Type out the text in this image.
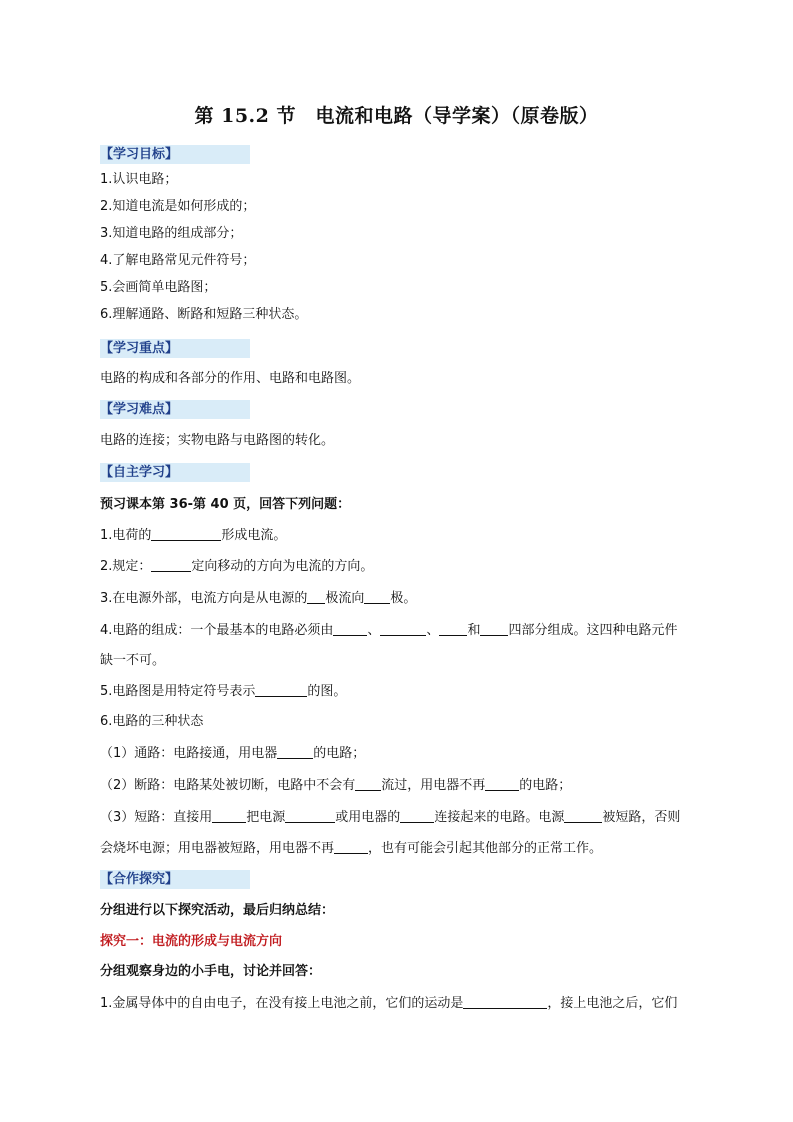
第 15.2 节　电流和电路（导学案）（原卷版）
【学习目标】
1.认识电路；
2.知道电流是如何形成的；
3.知道电路的组成部分；
4.了解电路常见元件符号；
5.会画简单电路图；
6.理解通路、断路和短路三种状态。
【学习重点】
电路的构成和各部分的作用、电路和电路图。
【学习难点】
电路的连接；实物电路与电路图的转化。
【自主学习】
预习课本第 36-第 40 页，回答下列问题：
1.电荷的	形成电流。
2.规定：	定向移动的方向为电流的方向。
3.在电源外部，电流方向是从电源的 极流向 极。
4.电路的组成：一个最基本的电路必须由	、	、 和 四部分组成。这四种电路元件
缺一不可。
5.电路图是用特定符号表示	的图。
6.电路的三种状态
（1）通路：电路接通，用电器	的电路；
（2）断路：电路某处被切断，电路中不会有 流过，用电器不再	的电路；
（3）短路：直接用	把电源	或用电器的	连接起来的电路。电源	被短路，否则
会烧坏电源；用电器被短路，用电器不再	，也有可能会引起其他部分的正常工作。
【合作探究】
分组进行以下探究活动，最后归纳总结：
探究一：电流的形成与电流方向
分组观察身边的小手电，讨论并回答：
1.金属导体中的自由电子，在没有接上电池之前，它们的运动是	，接上电池之后，它们
